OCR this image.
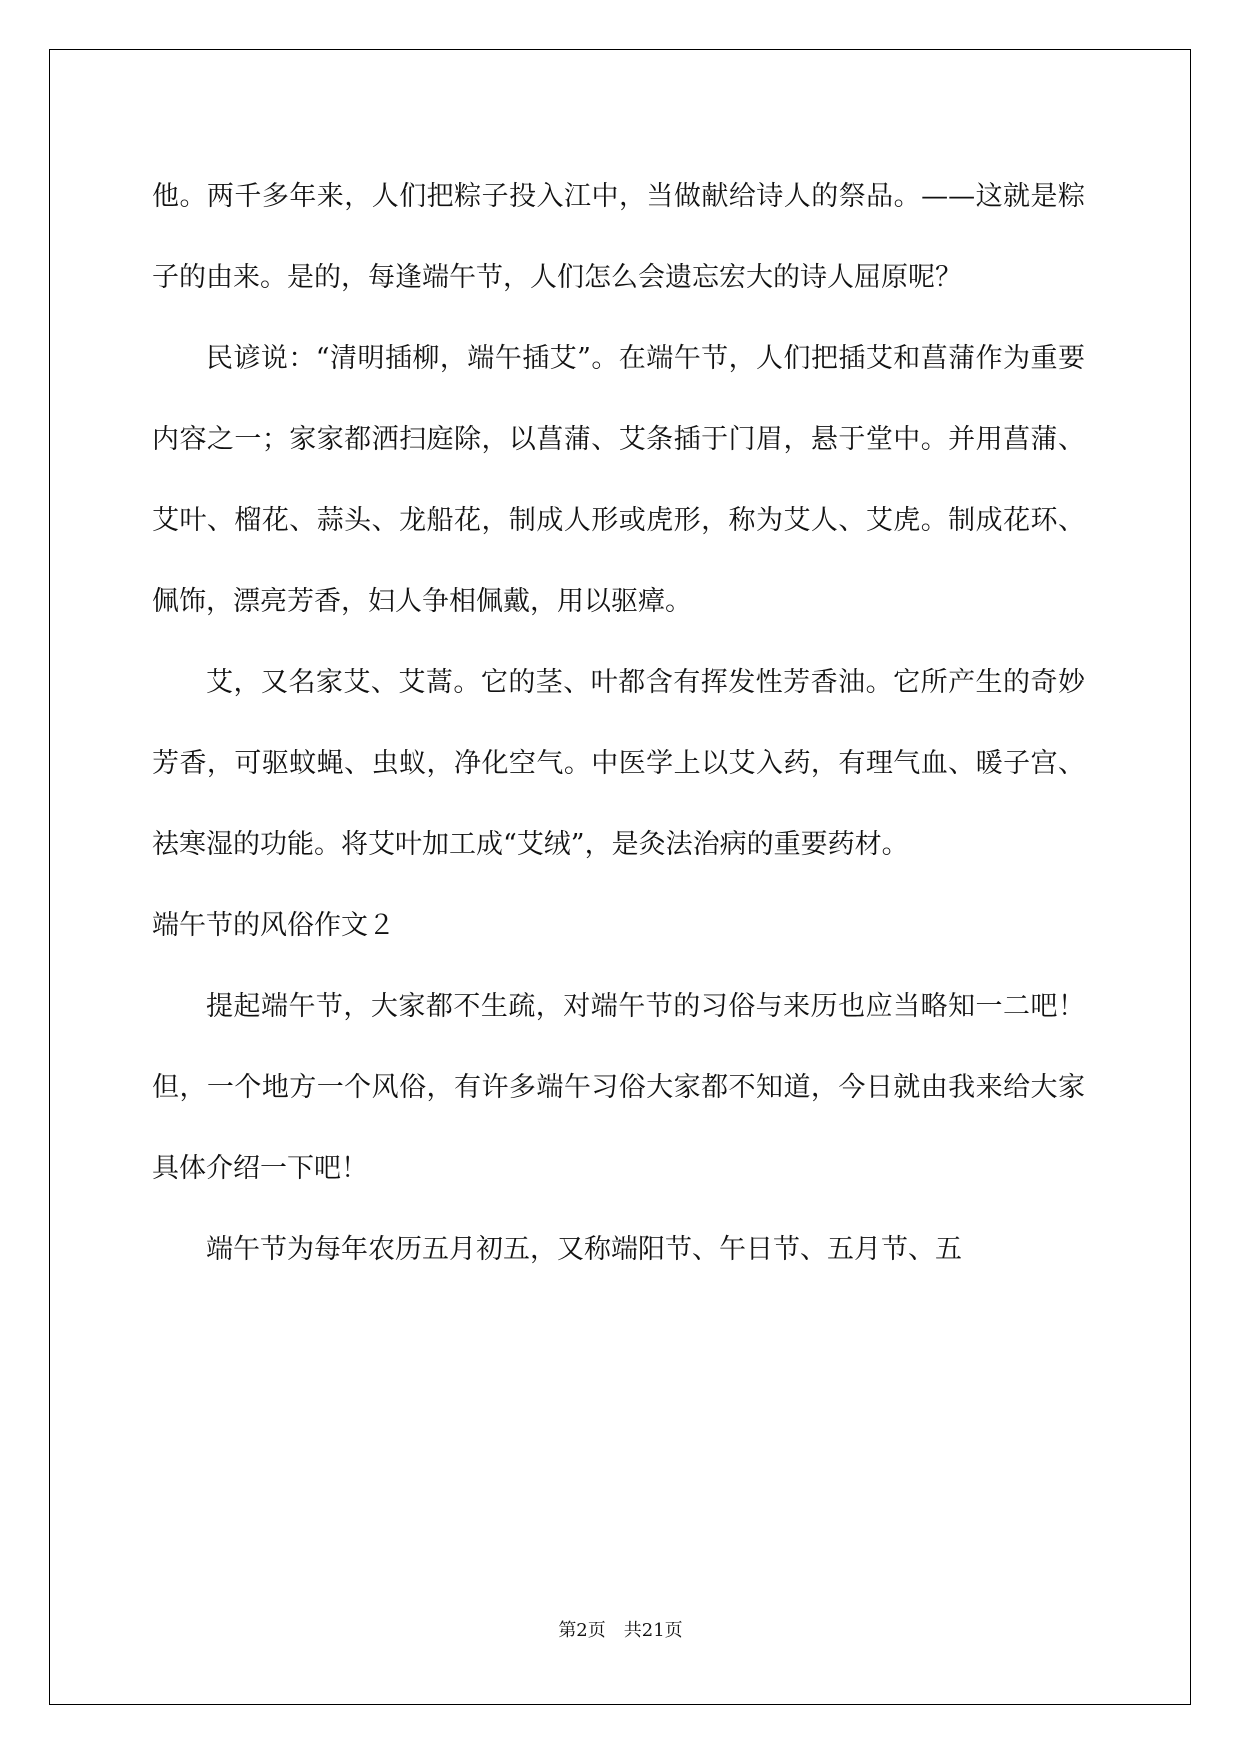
他。两千多年来，人们把粽子投入江中，当做献给诗人的祭品。——这就是粽子的由来。是的，每逢端午节，人们怎么会遗忘宏大的诗人屈原呢？

民谚说：“清明插柳，端午插艾”。在端午节，人们把插艾和菖蒲作为重要内容之一；家家都洒扫庭除，以菖蒲、艾条插于门眉，悬于堂中。并用菖蒲、艾叶、榴花、蒜头、龙船花，制成人形或虎形，称为艾人、艾虎。制成花环、佩饰，漂亮芳香，妇人争相佩戴，用以驱瘴。

艾，又名家艾、艾蒿。它的茎、叶都含有挥发性芳香油。它所产生的奇妙芳香，可驱蚊蝇、虫蚁，净化空气。中医学上以艾入药，有理气血、暖子宫、祛寒湿的功能。将艾叶加工成“艾绒”，是灸法治病的重要药材。

端午节的风俗作文２

提起端午节，大家都不生疏，对端午节的习俗与来历也应当略知一二吧！但，一个地方一个风俗，有许多端午习俗大家都不知道，今日就由我来给大家具体介绍一下吧！

端午节为每年农历五月初五，又称端阳节、午日节、五月节、五

第2页 共21页
